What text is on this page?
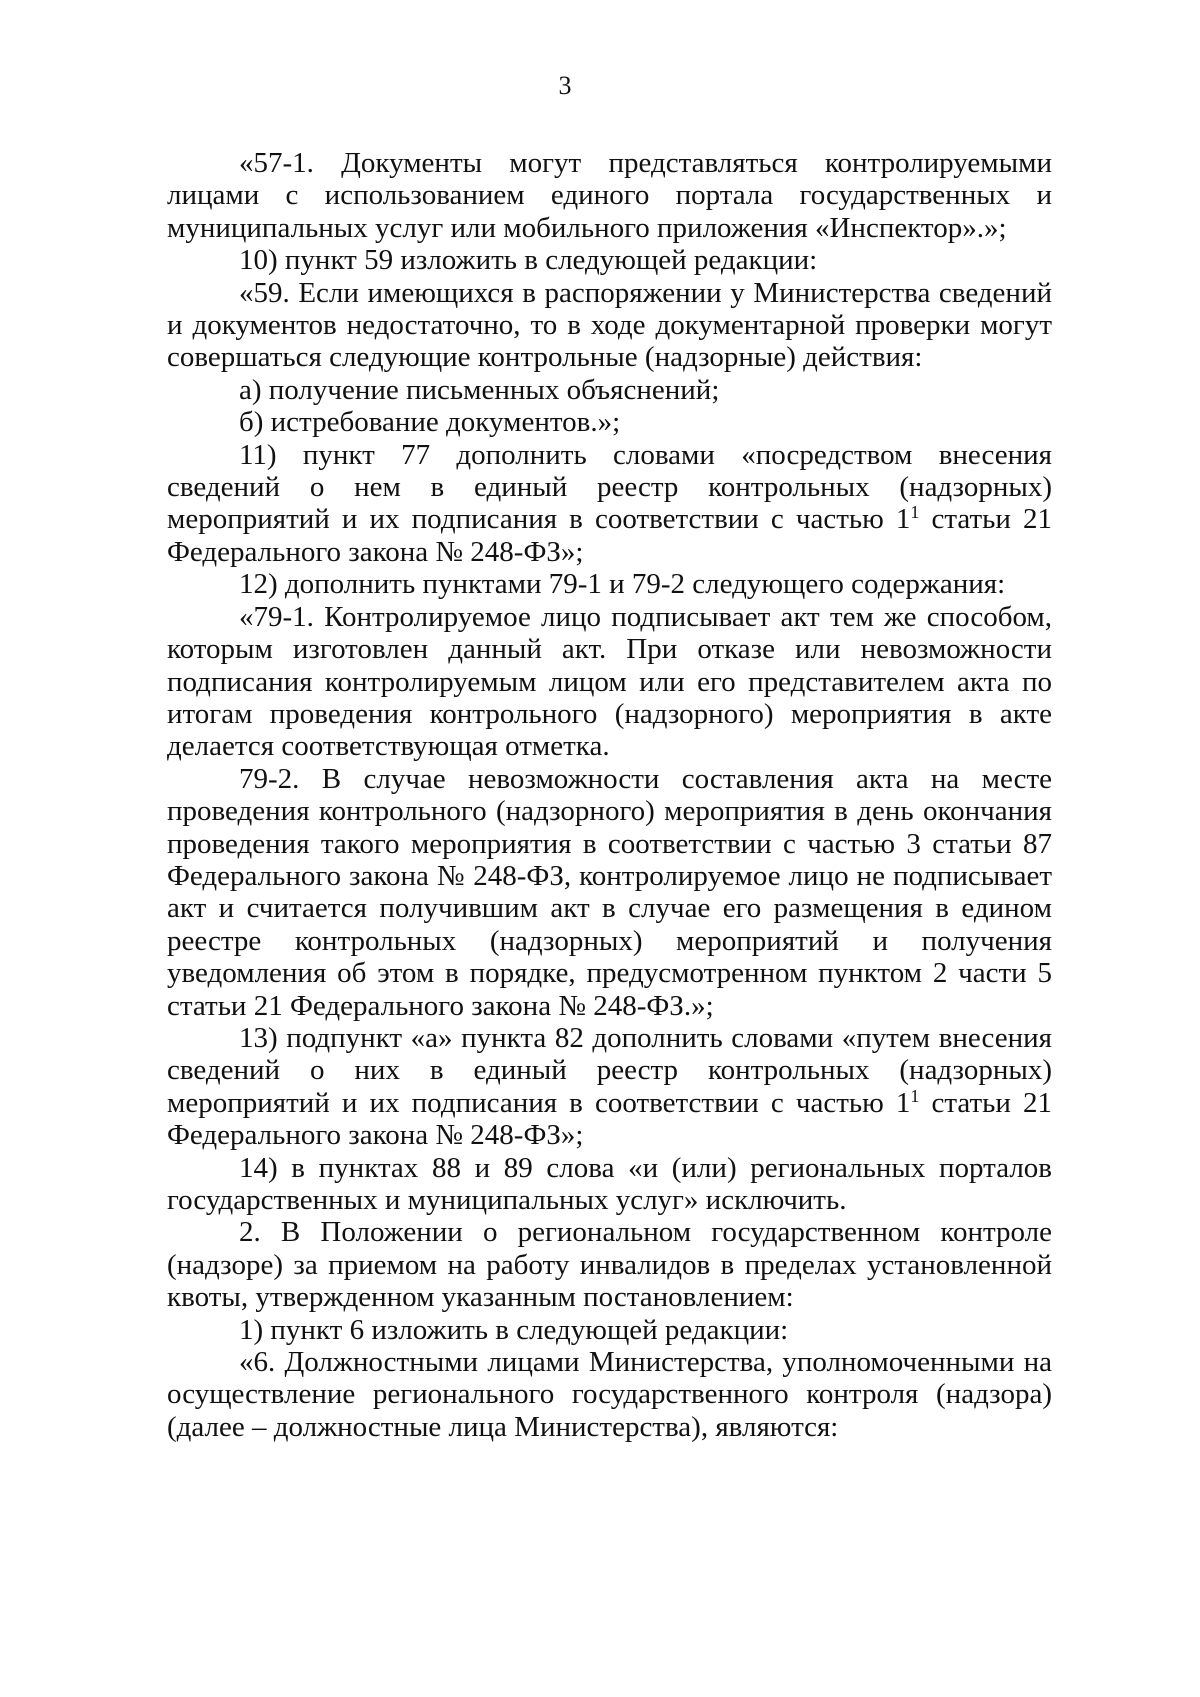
3

«57-1. Документы могут представляться контролируемыми лицами с использованием единого портала государственных и муниципальных услуг или мобильного приложения «Инспектор».»;

10) пункт 59 изложить в следующей редакции:

«59. Если имеющихся в распоряжении у Министерства сведений и документов недостаточно, то в ходе документарной проверки могут совершаться следующие контрольные (надзорные) действия:

а) получение письменных объяснений;

б) истребование документов.»;

11) пункт 77 дополнить словами «посредством внесения сведений о нем в единый реестр контрольных (надзорных) мероприятий и их подписания в соответствии с частью $1^1$ статьи 21 Федерального закона № 248-ФЗ»;

12) дополнить пунктами 79-1 и 79-2 следующего содержания:

«79-1. Контролируемое лицо подписывает акт тем же способом, которым изготовлен данный акт. При отказе или невозможности подписания контролируемым лицом или его представителем акта по итогам проведения контрольного (надзорного) мероприятия в акте делается соответствующая отметка.

79-2. В случае невозможности составления акта на месте проведения контрольного (надзорного) мероприятия в день окончания проведения такого мероприятия в соответствии с частью 3 статьи 87 Федерального закона № 248-ФЗ, контролируемое лицо не подписывает акт и считается получившим акт в случае его размещения в едином реестре контрольных (надзорных) мероприятий и получения уведомления об этом в порядке, предусмотренном пунктом 2 части 5 статьи 21 Федерального закона № 248-ФЗ.»;

13) подпункт «а» пункта 82 дополнить словами «путем внесения сведений о них в единый реестр контрольных (надзорных) мероприятий и их подписания в соответствии с частью $1^1$ статьи 21 Федерального закона № 248-ФЗ»;

14) в пунктах 88 и 89 слова «и (или) региональных порталов государственных и муниципальных услуг» исключить.

2. В Положении о региональном государственном контроле (надзоре) за приемом на работу инвалидов в пределах установленной квоты, утвержденном указанным постановлением:

1) пункт 6 изложить в следующей редакции:

«6. Должностными лицами Министерства, уполномоченными на осуществление регионального государственного контроля (надзора) (далее – должностные лица Министерства), являются:
